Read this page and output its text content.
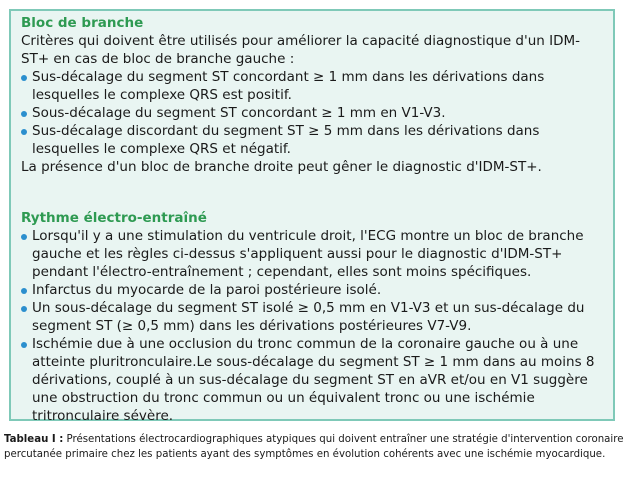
Bloc de branche

Critères qui doivent être utilisés pour améliorer la capacité diagnostique d'un IDM-ST+ en cas de bloc de branche gauche :

Sus-décalage du segment ST concordant ≥ 1 mm dans les dérivations dans lesquelles le complexe QRS est positif.
Sous-décalage du segment ST concordant ≥ 1 mm en V1-V3.
Sus-décalage discordant du segment ST ≥ 5 mm dans les dérivations dans lesquelles le complexe QRS et négatif.

La présence d'un bloc de branche droite peut gêner le diagnostic d'IDM-ST+.

Rythme électro-entraîné

Lorsqu'il y a une stimulation du ventricule droit, l'ECG montre un bloc de branche gauche et les règles ci-dessus s'appliquent aussi pour le diagnostic d'IDM-ST+ pendant l'électro-entraînement ; cependant, elles sont moins spécifiques.
Infarctus du myocarde de la paroi postérieure isolé.
Un sous-décalage du segment ST isolé ≥ 0,5 mm en V1-V3 et un sus-décalage du segment ST (≥ 0,5 mm) dans les dérivations postérieures V7-V9.
Ischémie due à une occlusion du tronc commun de la coronaire gauche ou à une atteinte pluritronculaire.Le sous-décalage du segment ST ≥ 1 mm dans au moins 8 dérivations, couplé à un sus-décalage du segment ST en aVR et/ou en V1 suggère une obstruction du tronc commun ou un équivalent tronc ou une ischémie tritronculaire sévère.

Tableau I : Présentations électrocardiographiques atypiques qui doivent entraîner une stratégie d'intervention coronaire percutanée primaire chez les patients ayant des symptômes en évolution cohérents avec une ischémie myocardique.
